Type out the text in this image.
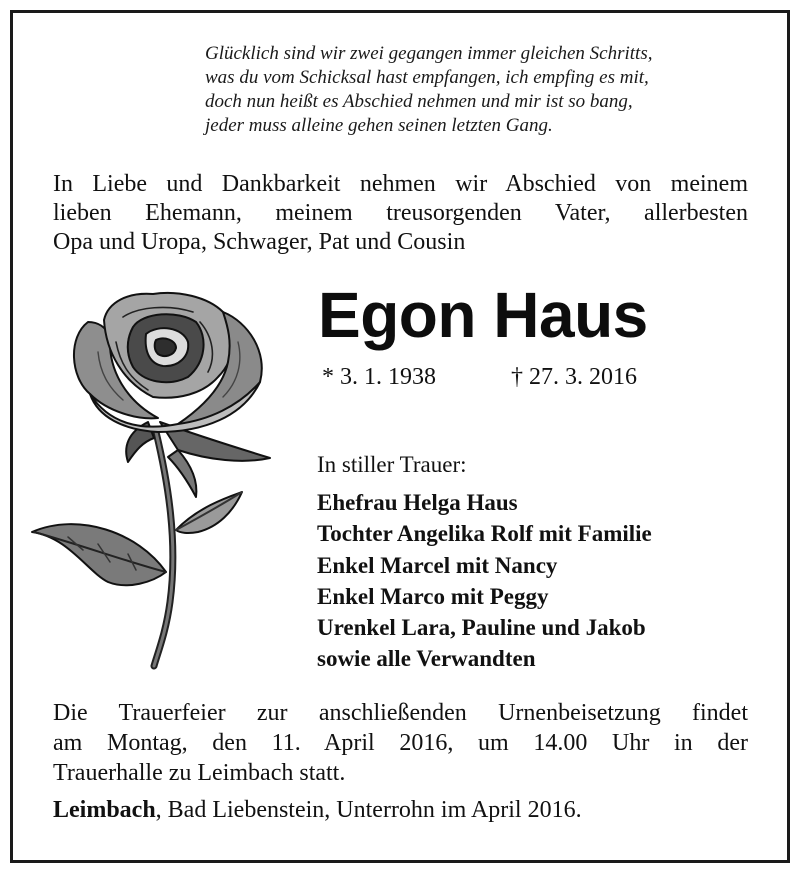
Glücklich sind wir zwei gegangen immer gleichen Schritts,
was du vom Schicksal hast empfangen, ich empfing es mit,
doch nun heißt es Abschied nehmen und mir ist so bang,
jeder muss alleine gehen seinen letzten Gang.
In Liebe und Dankbarkeit nehmen wir Abschied von meinem
lieben Ehemann, meinem treusorgenden Vater, allerbesten
Opa und Uropa, Schwager, Pat und Cousin
Egon Haus
* 3. 1. 1938	† 27. 3. 2016
In stiller Trauer:
Ehefrau Helga Haus
Tochter Angelika Rolf mit Familie
Enkel Marcel mit Nancy
Enkel Marco mit Peggy
Urenkel Lara, Pauline und Jakob
sowie alle Verwandten
Die Trauerfeier zur anschließenden Urnenbeisetzung findet
am Montag, den 11. April 2016, um 14.00 Uhr in der
Trauerhalle zu Leimbach statt.
Leimbach, Bad Liebenstein, Unterrohn im April 2016.
